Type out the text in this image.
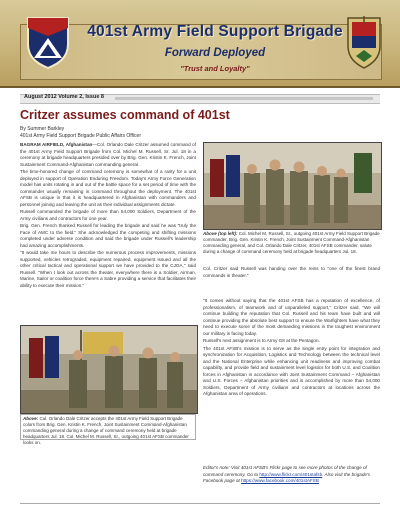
401st Army Field Support Brigade
Forward Deployed
"Trust and Loyalty"
August 2012 Volume 2, Issue 8
Critzer assumes command of 401st
By Summer Barkley
401st Army Field Support Brigade Public Affairs Officer

BAGRAM AIRFIELD, Afghanistan—Col. Orlando Dale Critzer assumed command of the 401st Army Field Support Brigade from Col. Michel M. Russell, Sr. Jul. 18 in a ceremony at brigade headquarters presided over by Brig. Gen. Kristin K. French, Joint Sustainment Command-Afghanistan commanding general.

The time-honored change of command ceremony is somewhat of a rarity for a unit deployed in support of Operation Enduring Freedom. Today's Army Force Generation model has units rotating in and out of the battle space for a set period of time with the commander usually remaining in command throughout the deployment. The 401st AFSB is unique in that it is headquartered in Afghanistan with commanders and personnel joining and leaving the unit as their individual assignments dictate.

Russell commanded the brigade of more than 54,000 Soldiers, Department of the Army civilians and contractors for one year.

Brig. Gen. French thanked Russell for leading the brigade and said he was "truly the Face of AMC to the field." She acknowledged the competing and shifting missions completed under adverse condition and said the brigade under Russell's leadership had amazing accomplishments.

"It would take me hours to describe the numerous process improvements, missions supported, vehicles retrograded, equipment repaired, equipment issued and all the other critical tactical and operational support we have provided to the CJOA," said Russell. "When I look out across the theater, everywhere there is a Soldier, Airman, Marine, Sailor or coalition force there's a Sabre providing a service that facilitates their ability to execute their mission."

Above (top left): Col. Michel M. Russell, Sr., outgoing 401st Army Field Support Brigade commander, Brig. Gen. Kristin K. French, Joint Sustainment Command-Afghanistan commanding general, and Col. Orlando Dale Critzer, 401st AFSB commander, salute during a change of command ceremony held at brigade headquarters Jul. 18.

Col. Critzer said Russell was handing over the reins to "one of the finest brand commands in theater."

"It comes without saying that the 401st AFSB has a reputation of excellence, of professionalism, of teamwork and of unparalleled support," Critzer said. "We will continue building the reputation that Col. Russell and his team have built and will continue providing the absolute best support to ensure the Warfighters have what they need to execute some of the most demanding missions in the toughest environment our military is facing today.

Russell's next assignment is to Army G8 at the Pentagon.

The 401st AFSB's mission is to serve as the single entry point for integration and synchronization for Acquisition, Logistics and Technology between the technical level and the National Enterprise while enhancing unit readiness and improving combat capability, and provide field and sustainment level logistics for both U.S. and Coalition forces in Afghanistan in accordance with Joint Sustainment Command – Afghanistan and U.S. Forces – Afghanistan priorities and is accomplished by more than 54,000 Soldiers, Department of Army civilians and contractors at locations across the Afghanistan area of operations.

Above: Col. Orlando Dale Critzer accepts the 401st Army Field Support Brigade colors from Brig. Gen. Kristin K. French, Joint Sustainment Command-Afghanistan commanding general during a change of command ceremony held at brigade headquarters Jul. 18. Col. Michel M. Russell, Sr., outgoing 401st AFSB commander looks on.
Editor's note: Visit 401st AFSB's Flickr page to see more photos of the change of command ceremony. Go to http://www.flickr.com/401stafsb. Also visit the brigade's Facebook page at https://www.facebook.com/401stAFSB
